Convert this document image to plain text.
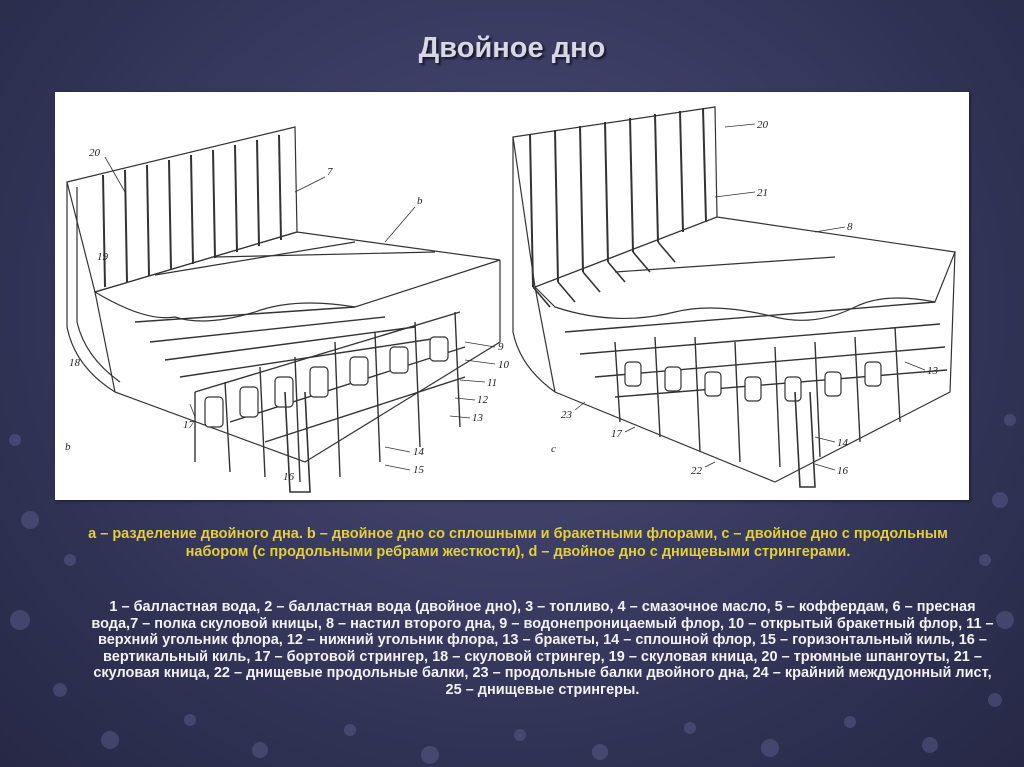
Двойное дно
20
7
b
19
18
9
10
11
12
13
17
14
15
16
b
20
21
8
13
23
17
22
14
16
c
a – разделение двойного дна. b – двойное дно со сплошными и бракетными флорами, c – двойное дно с продольным набором (с продольными ребрами жесткости), d – двойное дно с днищевыми стрингерами.
1 – балластная вода, 2 – балластная вода (двойное дно), 3 – топливо, 4 – смазочное масло, 5 – коффердам, 6 – пресная вода,7 – полка скуловой кницы, 8 – настил второго дна, 9 – водонепроницаемый флор, 10 – открытый бракетный флор, 11 – верхний угольник флора, 12 – нижний угольник флора, 13 – бракеты, 14 – сплошной флор, 15 – горизонтальный киль, 16 – вертикальный киль, 17 – бортовой стрингер, 18 – скуловой стрингер, 19 – скуловая кница, 20 – трюмные шпангоуты, 21 – скуловая кница, 22 – днищевые продольные балки, 23 – продольные балки двойного дна, 24 – крайний междудонный лист, 25 – днищевые стрингеры.
